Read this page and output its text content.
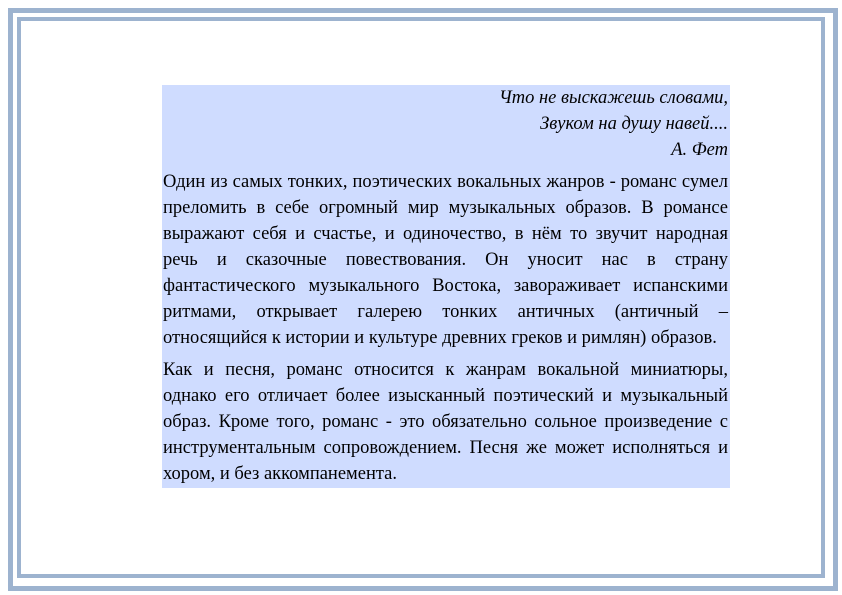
Что не выскажешь словами,
Звуком на душу навей....
А. Фет

Один из самых тонких, поэтических вокальных жанров - романс сумел преломить в себе огромный мир музыкальных образов. В романсе выражают себя и счастье, и одиночество, в нём то звучит народная речь и сказочные повествования. Он уносит нас в страну фантастического музыкального Востока, завораживает испанскими ритмами, открывает галерею тонких античных (античный – относящийся к истории и культуре древних греков и римлян) образов.

Как и песня, романс относится к жанрам вокальной миниатюры, однако его отличает более изысканный поэтический и музыкальный образ. Кроме того, романс - это обязательно сольное произведение с инструментальным сопровождением. Песня же может исполняться и хором, и без аккомпанемента.
